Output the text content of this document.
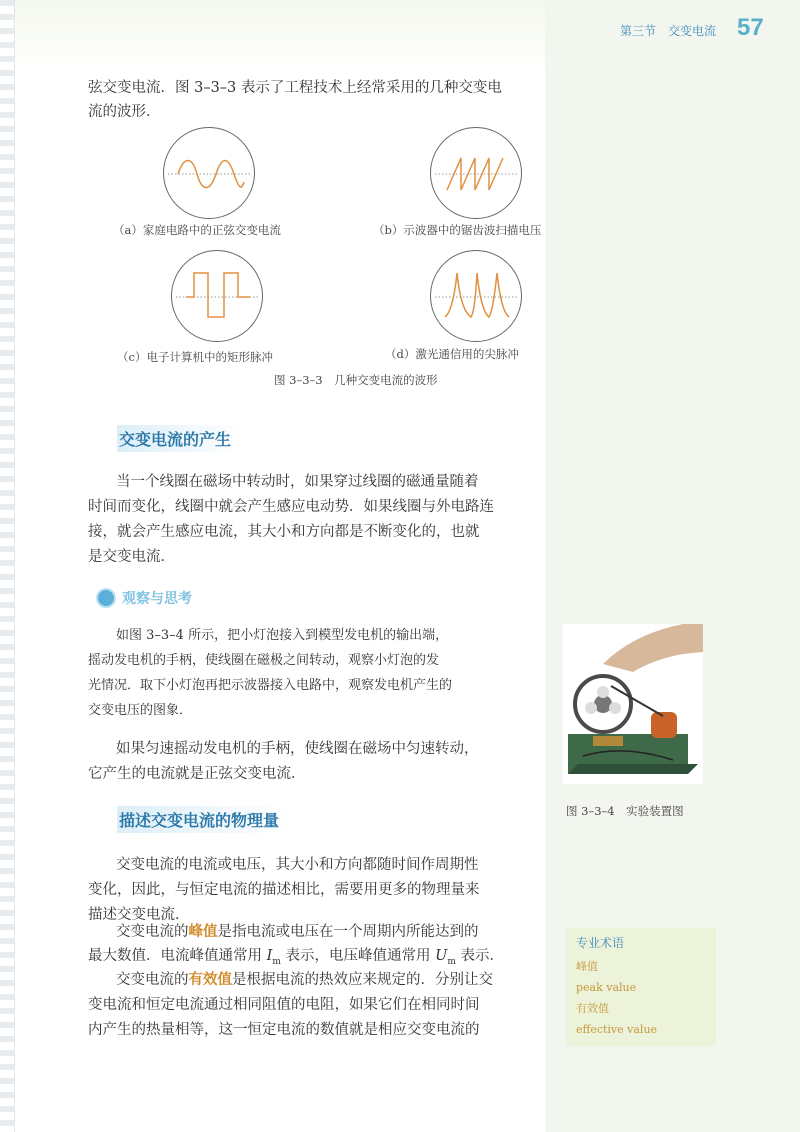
第三节　交变电流 57
弦交变电流．图 3–3–3 表示了工程技术上经常采用的几种交变电
流的波形．
（a）家庭电路中的正弦交变电流	（b）示波器中的锯齿波扫描电压
（c）电子计算机中的矩形脉冲	（d）激光通信用的尖脉冲
图 3–3–3　几种交变电流的波形
交变电流的产生
当一个线圈在磁场中转动时，如果穿过线圈的磁通量随着
时间而变化，线圈中就会产生感应电动势．如果线圈与外电路连
接，就会产生感应电流，其大小和方向都是不断变化的，也就
是交变电流．
观察与思考
如图 3–3–4 所示，把小灯泡接入到模型发电机的输出端，
摇动发电机的手柄，使线圈在磁极之间转动，观察小灯泡的发
光情况．取下小灯泡再把示波器接入电路中，观察发电机产生的
交变电压的图象．
如果匀速摇动发电机的手柄，使线圈在磁场中匀速转动，
它产生的电流就是正弦交变电流．
图 3–3–4　实验装置图
描述交变电流的物理量
交变电流的电流或电压，其大小和方向都随时间作周期性
变化，因此，与恒定电流的描述相比，需要用更多的物理量来
描述交变电流．
交变电流的峰值是指电流或电压在一个周期内所能达到的
最大数值．电流峰值通常用 $I_m$ 表示，电压峰值通常用 $U_m$ 表示．
交变电流的有效值是根据电流的热效应来规定的．分别让交
变电流和恒定电流通过相同阻值的电阻，如果它们在相同时间
内产生的热量相等，这一恒定电流的数值就是相应交变电流的
专业术语
峰值
peak value
有效值
effective value
